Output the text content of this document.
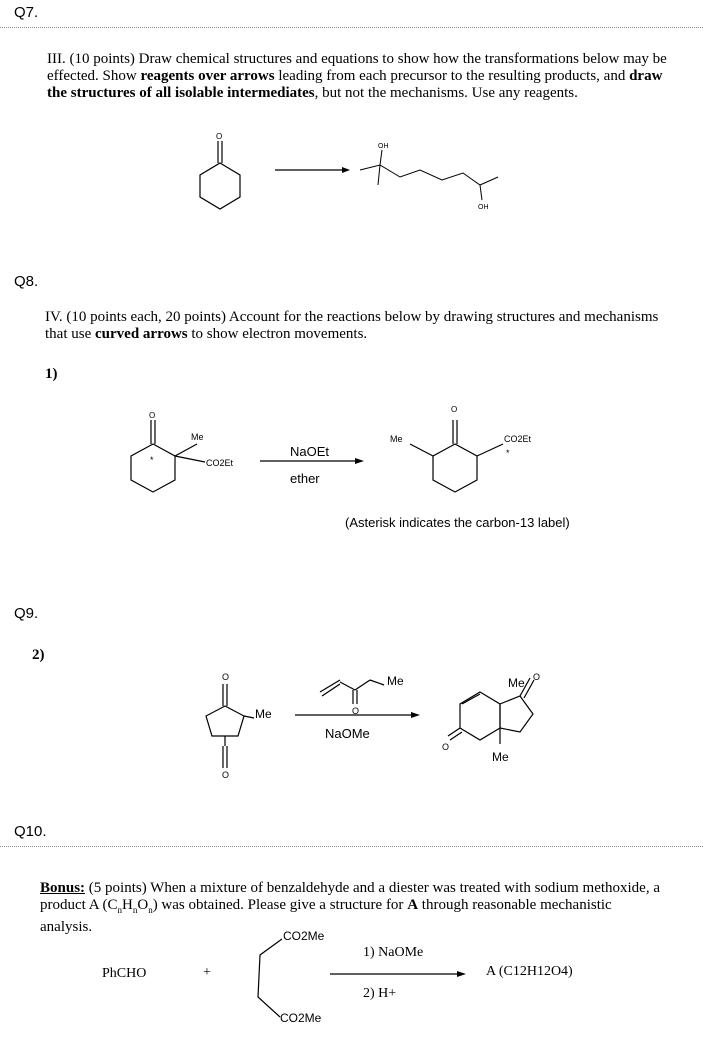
Q7.
III. (10 points) Draw chemical structures and equations to show how the transformations below may be effected. Show reagents over arrows leading from each precursor to the resulting products, and draw the structures of all isolable intermediates, but not the mechanisms. Use any reagents.
O
OH
OH
Q8.
IV. (10 points each, 20 points) Account for the reactions below by drawing structures and mechanisms that use curved arrows to show electron movements.
1)
O
Me
CO2Et
*
NaOEt
ether
O
Me	CO2Et
*
(Asterisk indicates the carbon-13 label)
Q9.
2)
O
O
Me	O
Me
NaOMe
O
O
Me
Me
Q10.
Bonus: (5 points) When a mixture of benzaldehyde and a diester was treated with sodium methoxide, a product A $(C_nH_nO_n)$ was obtained. Please give a structure for A through reasonable mechanistic analysis.
PhCHO	+
CO2Me
CO2Me
1) NaOMe
2) H+
A (C12H12O4)
